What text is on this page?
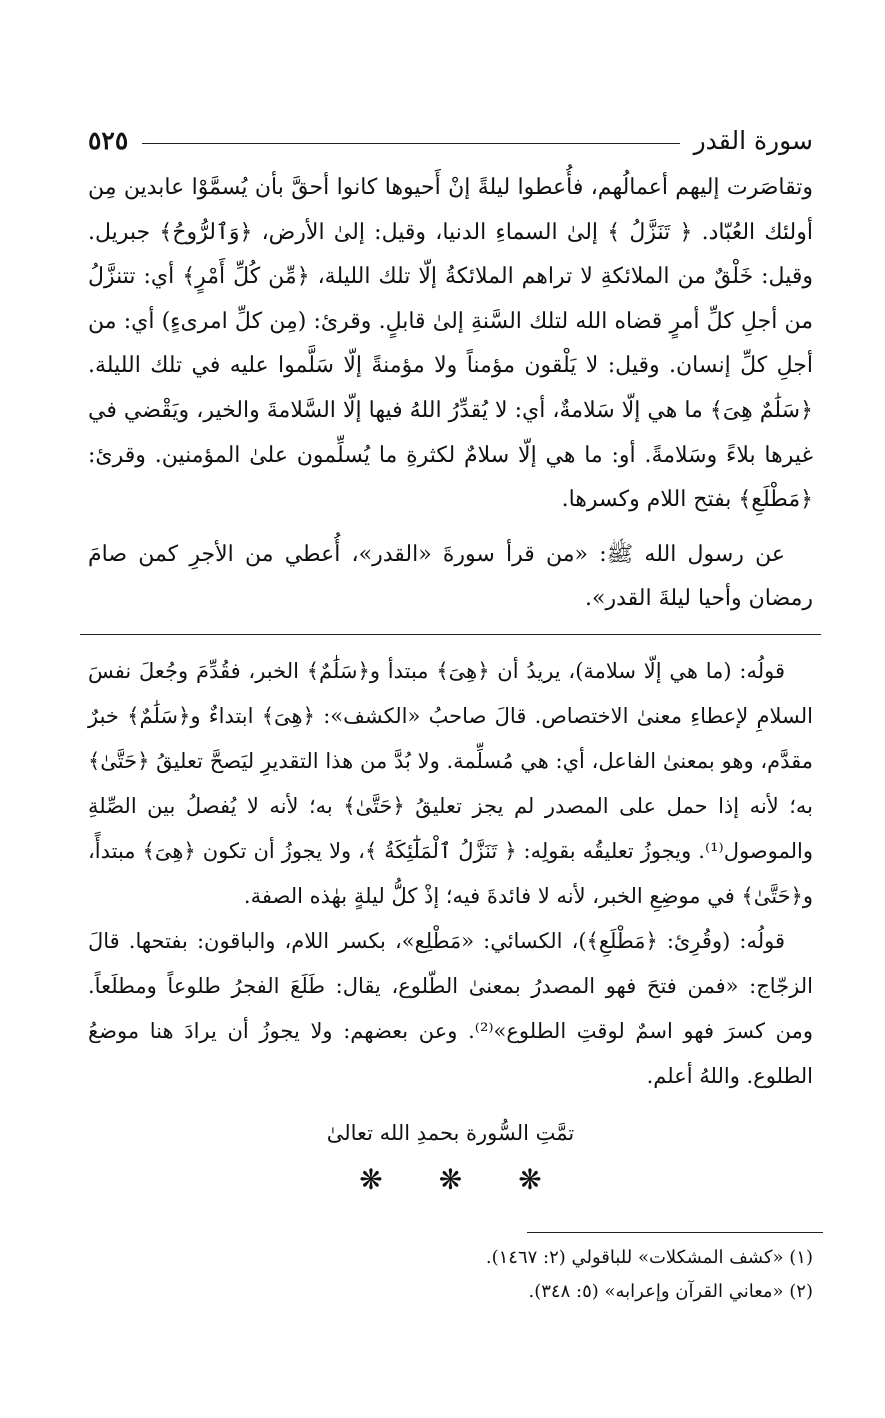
سورة القدر
٥٢٥

وتقاصَرت إليهم أعمالُهم، فأُعطوا ليلةً إنْ أَحيوها كانوا أحقَّ بأن يُسمَّوْا عابدين مِن أولئك العُبّاد. ﴿ تَنَزَّلُ ﴾ إلىٰ السماءِ الدنيا، وقيل: إلىٰ الأرض، ﴿وَٱلرُّوحُ﴾ جبريل. وقيل: خَلْقٌ من الملائكةِ لا تراهم الملائكةُ إلّا تلك الليلة، ﴿مِّن كُلِّ أَمْرٍ﴾ أي: تتنزَّلُ من أجلِ كلِّ أمرٍ قضاه الله لتلك السَّنةِ إلىٰ قابلٍ. وقرئ: (مِن كلِّ امرىءٍ) أي: من أجلِ كلِّ إنسان. وقيل: لا يَلْقون مؤمناً ولا مؤمنةً إلّا سَلَّموا عليه في تلك الليلة. ﴿سَلَٰمٌ هِىَ﴾ ما هي إلّا سَلامةٌ، أي: لا يُقدِّرُ اللهُ فيها إلّا السَّلامةَ والخير، ويَقْضي في غيرها بلاءً وسَلامةً. أو: ما هي إلّا سلامٌ لكثرةِ ما يُسلِّمون علىٰ المؤمنين. وقرئ: ﴿مَطْلَعِ﴾ بفتح اللام وكسرها.

عن رسول الله ﷺ: «من قرأ سورةَ «القدر»، أُعطي من الأجرِ كمن صامَ رمضان وأحيا ليلةَ القدر».

قولُه: (ما هي إلّا سلامة)، يريدُ أن ﴿هِىَ﴾ مبتدأ و﴿سَلَٰمٌ﴾ الخبر، فقُدِّمَ وجُعلَ نفسَ السلامِ لإعطاءِ معنىٰ الاختصاص. قالَ صاحبُ «الكشف»: ﴿هِىَ﴾ ابتداءٌ و﴿سَلَٰمٌ﴾ خبرٌ مقدَّم، وهو بمعنىٰ الفاعل، أي: هي مُسلِّمة. ولا بُدَّ من هذا التقديرِ ليَصحَّ تعليقُ ﴿حَتَّىٰ﴾ به؛ لأنه إذا حمل على المصدر لم يجز تعليقُ ﴿حَتَّىٰ﴾ به؛ لأنه لا يُفصلُ بين الصِّلةِ والموصول⁽¹⁾. ويجوزُ تعليقُه بقولِه: ﴿ تَنَزَّلُ ٱلْمَلَٰٓئِكَةُ ﴾، ولا يجوزُ أن تكون ﴿هِىَ﴾ مبتدأً، و﴿حَتَّىٰ﴾ في موضِعِ الخبر، لأنه لا فائدةَ فيه؛ إذْ كلُّ ليلةٍ بهٰذه الصفة.

قولُه: (وقُرِئ: ﴿مَطْلَعِ﴾)، الكسائي: «مَطْلِع»، بكسر اللام، والباقون: بفتحها. قالَ الزجّاج: «فمن فتحَ فهو المصدرُ بمعنىٰ الطّلوع، يقال: طَلَعَ الفجرُ طلوعاً ومطلَعاً. ومن كسرَ فهو اسمٌ لوقتِ الطلوع»⁽²⁾. وعن بعضهم: ولا يجوزُ أن يرادَ هنا موضعُ الطلوع. واللهُ أعلم.

تمَّتِ السُّورة بحمدِ الله تعالىٰ
❋
❋
❋

(١) «كشف المشكلات» للباقولي (٢: ١٤٦٧).

(٢) «معاني القرآن وإعرابه» (٥: ٣٤٨).
